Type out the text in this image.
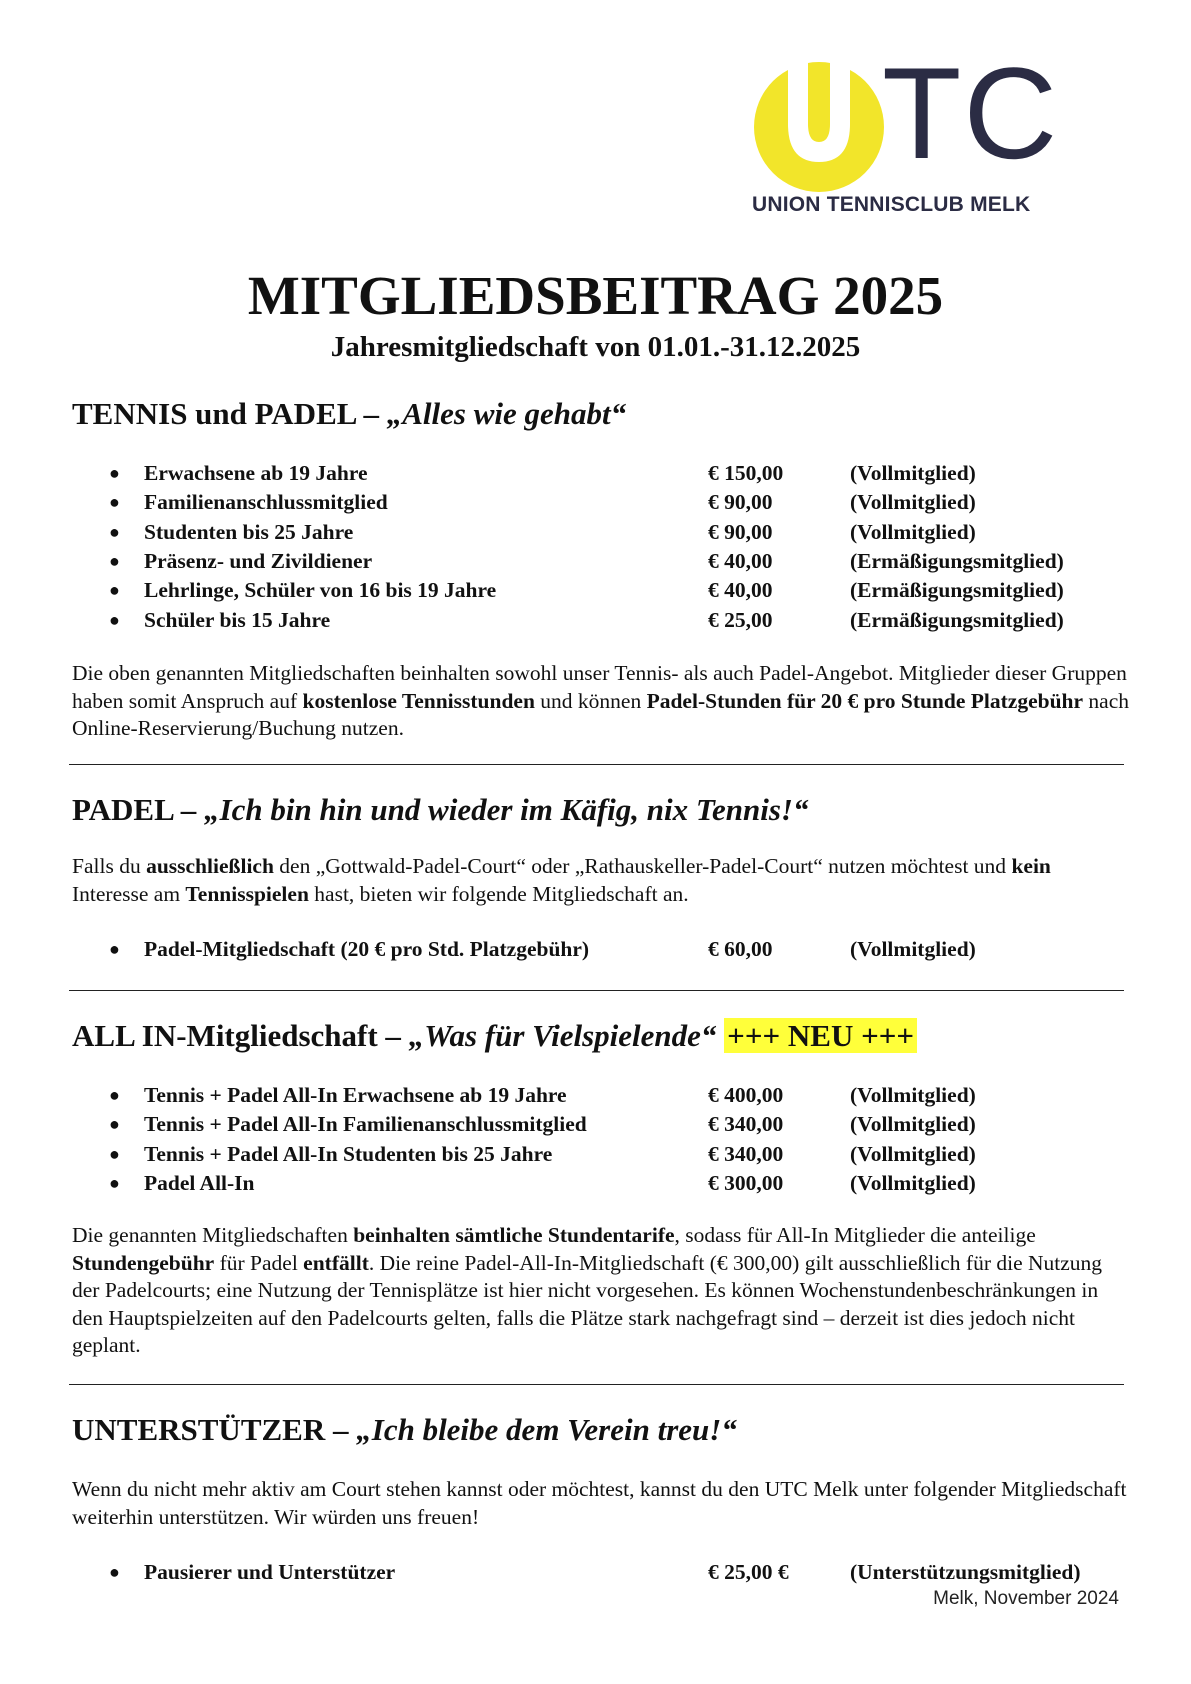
TC
UNION TENNISCLUB MELK
MITGLIEDSBEITRAG 2025
Jahresmitgliedschaft von 01.01.-31.12.2025
TENNIS und PADEL – „Alles wie gehabt“
● Erwachsene ab 19 Jahre	€ 150,00	(Vollmitglied)
● Familienanschlussmitglied	€ 90,00	(Vollmitglied)
● Studenten bis 25 Jahre	€ 90,00	(Vollmitglied)
● Präsenz- und Zivildiener	€ 40,00	(Ermäßigungsmitglied)
● Lehrlinge, Schüler von 16 bis 19 Jahre	€ 40,00	(Ermäßigungsmitglied)
● Schüler bis 15 Jahre	€ 25,00	(Ermäßigungsmitglied)
Die oben genannten Mitgliedschaften beinhalten sowohl unser Tennis- als auch Padel-Angebot. Mitglieder dieser Gruppen haben somit Anspruch auf kostenlose Tennisstunden und können Padel-Stunden für 20 € pro Stunde Platzgebühr nach Online-Reservierung/Buchung nutzen.
PADEL – „Ich bin hin und wieder im Käfig, nix Tennis!“
Falls du ausschließlich den „Gottwald-Padel-Court“ oder „Rathauskeller-Padel-Court“ nutzen möchtest und kein Interesse am Tennisspielen hast, bieten wir folgende Mitgliedschaft an.
● Padel-Mitgliedschaft (20 € pro Std. Platzgebühr)	€ 60,00	(Vollmitglied)
ALL IN-Mitgliedschaft – „Was für Vielspielende“ +++ NEU +++
● Tennis + Padel All-In Erwachsene ab 19 Jahre	€ 400,00	(Vollmitglied)
● Tennis + Padel All-In Familienanschlussmitglied	€ 340,00	(Vollmitglied)
● Tennis + Padel All-In Studenten bis 25 Jahre	€ 340,00	(Vollmitglied)
● Padel All-In	€ 300,00	(Vollmitglied)
Die genannten Mitgliedschaften beinhalten sämtliche Stundentarife, sodass für All-In Mitglieder die anteilige Stundengebühr für Padel entfällt. Die reine Padel-All-In-Mitgliedschaft (€ 300,00) gilt ausschließlich für die Nutzung der Padelcourts; eine Nutzung der Tennisplätze ist hier nicht vorgesehen. Es können Wochenstundenbeschränkungen in den Hauptspielzeiten auf den Padelcourts gelten, falls die Plätze stark nachgefragt sind – derzeit ist dies jedoch nicht geplant.
UNTERSTÜTZER – „Ich bleibe dem Verein treu!“
Wenn du nicht mehr aktiv am Court stehen kannst oder möchtest, kannst du den UTC Melk unter folgender Mitgliedschaft weiterhin unterstützen. Wir würden uns freuen!
● Pausierer und Unterstützer	€ 25,00 €	(Unterstützungsmitglied)
Melk, November 2024
